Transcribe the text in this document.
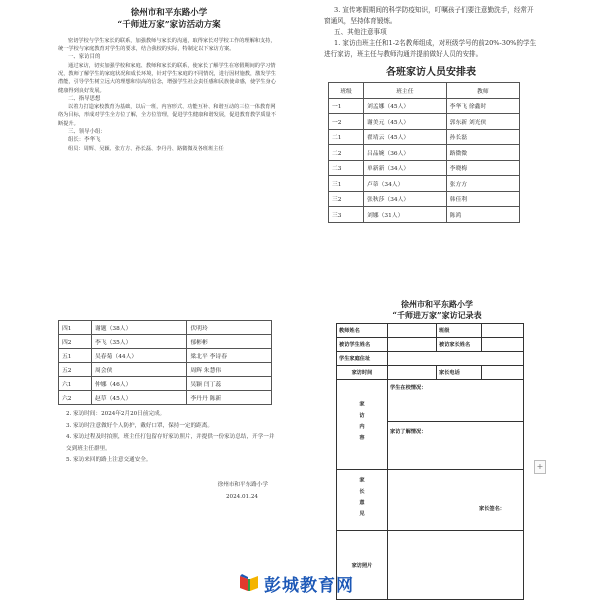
徐州市和平东路小学
“千师进万家”家访活动方案
密切学校与学生家长的联系，加强教师与家长的沟通，取得家长对学校工作的理解和支持，统一学校与家庭教育对学生的要求，结合我校的实际，特制定以下家访方案。
一、家访目的
通过家访，切实加强学校和家庭、教师和家长的联系，使家长了解学生在寒假期间的学习情况，教师了解学生的家庭状况和成长环境，针对学生家庭的不同情况，进行因材施教，激发学生潜能，引导学生树立远大的理想和崇高的信念，增强学生社会责任感和民族使命感，使学生身心健康得到良好发展。
二、指导思想
以着力打造家校教育为基础，以后一班，内容形式、功能互补、和谐互动的三位一体教育网络为目标，形成对学生全方位了解，全方位管理，促进学生健康和谐发展，促进教育教学质量不断提升。
三、领导小组：
组长：李华飞
组员：周辉、吴颖、张方方、孙长磊、李丹丹、路微微及各班班主任
3. 宣传寒假期间的科学防疫知识，叮嘱孩子们要注意勤洗手，经常开窗通风，坚持体育锻炼。
五、其他注意事项
1. 家访由班主任和1-2名教师组成，对班级学号的前20%-30%的学生进行家访，班主任与教师沟通并提前做好人员的安排。
各班家访人员安排表
班级	班主任	教师
一1	刘孟娜（45人）	李华飞 徐鑫时
一2	谢美元（45人）	郭东新 刘光侠
二1	翟靖云（45人）	孙长磊
二2	吕品婉（36人）	路微微
二3	单新新（34人）	李晓梅
三1	卢蒂（34人）	张方方
三2	张秋莎（34人）	韩佳利
三3	刘娜（31人）	陈鸿
四1	谢题（38人）	伏明玲
四2	李飞（35人）	郁彬彬
五1	吴春菊（44人）	梁北平 李诗春
五2	周会侠	周辉 朱慧伟
六1	仲娜（46人）	吴颖 闫丁蕊
六2	赵草（45人）	李丹丹 陈新
2. 家访时间：2024年2月20日前完成。
3. 家访时注意做好个人防护，戴好口罩，保持一定的距离。
4. 家访过程及时拍照，班主任打包留存好家访照片，并提供一份家访总结，开学一并交到班主任群里。
5. 家访来回的路上注意交通安全。
徐州市和平东路小学
2024.01.24
徐州市和平东路小学
“千师进万家”家访记录表
教师姓名		班级	
被访学生姓名		被访家长姓名	
学生家庭住址			
家访时间		家长电话	
家访内容	学生在校情况：		
	家访了解情况：		
家长意见	家长签名：		
家访照片			
+
彭城教育网
